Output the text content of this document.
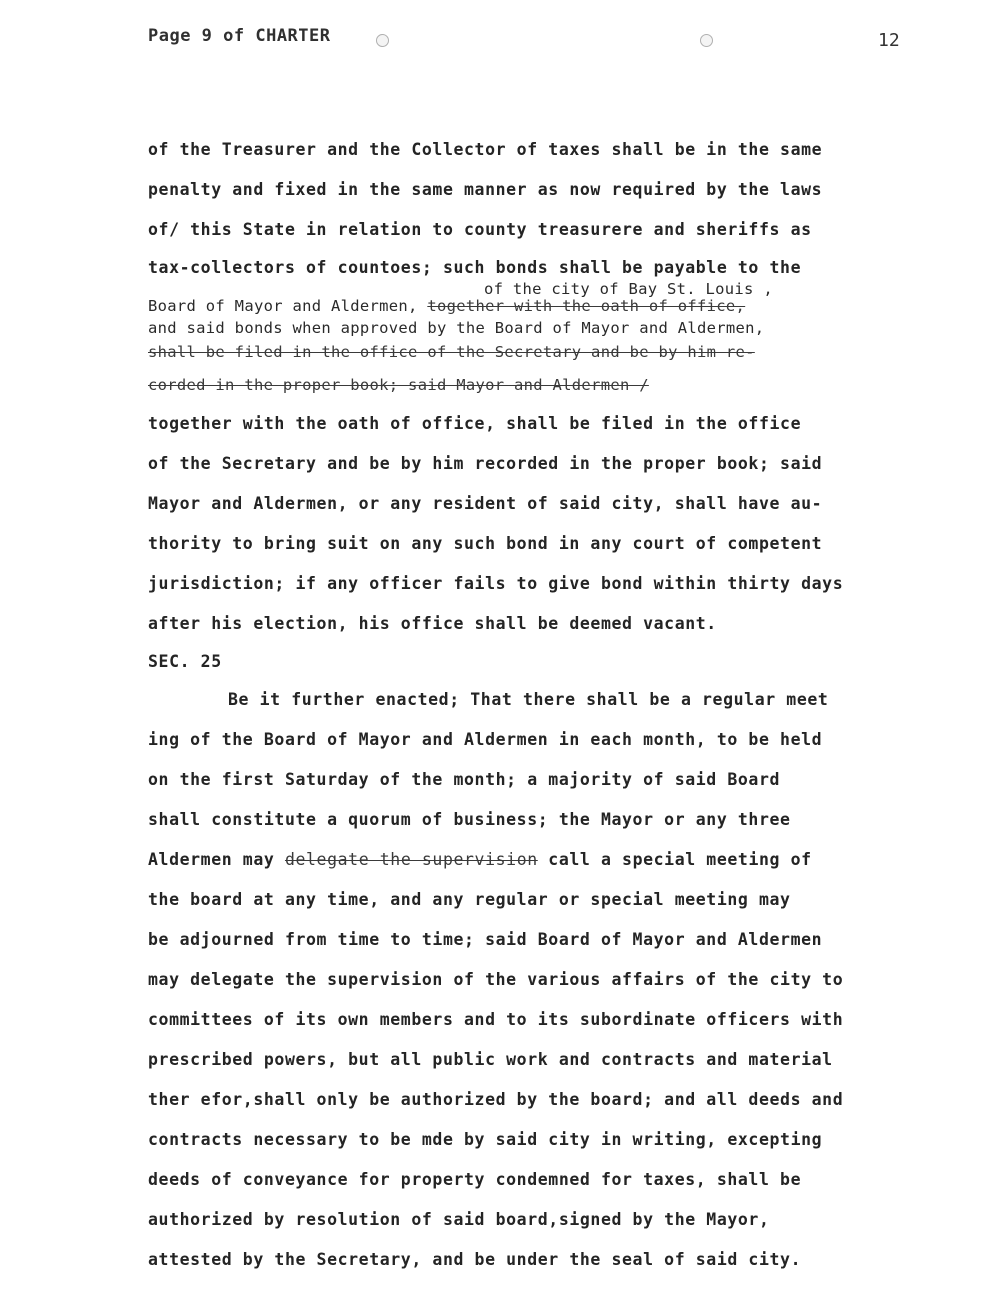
Page 9 of CHARTER	12
of the Treasurer and the Collector of taxes shall be in the same
penalty and fixed in the same manner as now required by the laws
of/ this State in relation to county treasurere and sheriffs as
tax-collectors of countoes; such bonds shall be payable to the
of the city of Bay St. Louis ,
Board of Mayor and Aldermen, together with the oath of office,
and said bonds when approved by the Board of Mayor and Aldermen,
shall be filed in the office of the Secretary and be by him re-
corded in the proper book; said Mayor and Aldermen /
together with the oath of office, shall be filed in the office
of the Secretary and be by him recorded in the proper book; said
Mayor and Aldermen, or any resident of said city, shall have au-
thority to bring suit on any such bond in any court of competent
jurisdiction; if any officer fails to give bond within thirty days
after his election, his office shall be deemed vacant.
SEC. 25
Be it further enacted; That there shall be a regular meet
ing of the Board of Mayor and Aldermen in each month, to be held
on the first Saturday of the month; a majority of said Board
shall constitute a quorum of business; the Mayor or any three
Aldermen may delegate the supervision call a special meeting of
the board at any time, and any regular or special meeting may
be adjourned from time to time; said Board of Mayor and Aldermen
may delegate the supervision of the various affairs of the city to
committees of its own members and to its subordinate officers with
prescribed powers, but all public work and contracts and material
ther efor,shall only be authorized by the board; and all deeds and
contracts necessary to be mde by said city in writing, excepting
deeds of conveyance for property condemned for taxes, shall be
authorized by resolution of said board,signed by the Mayor,
attested by the Secretary, and be under the seal of said city.
